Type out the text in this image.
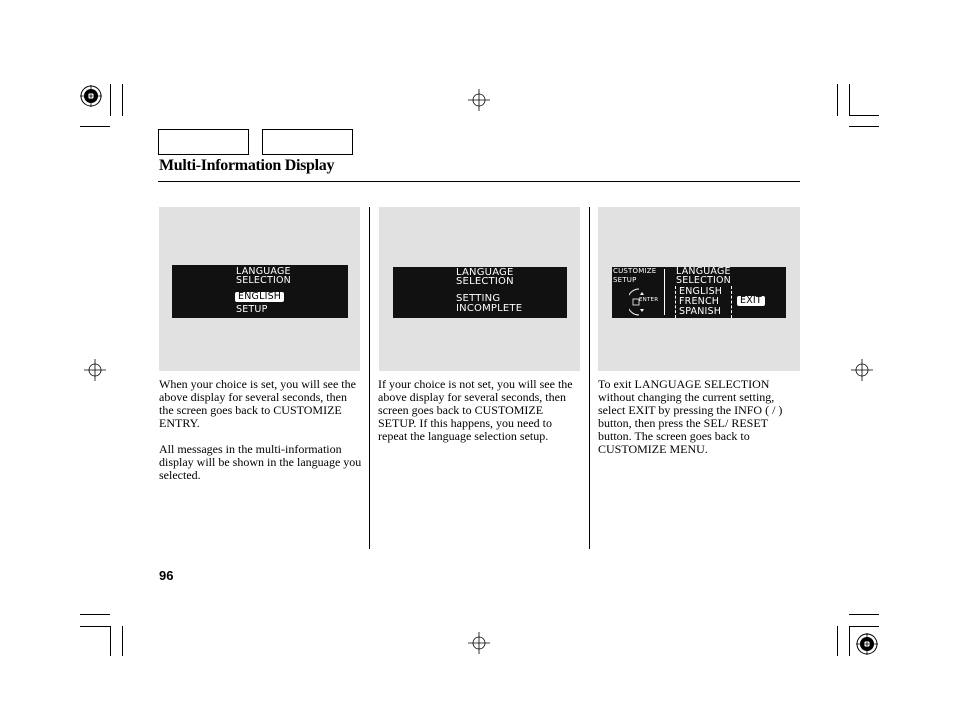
Multi-Information Display
LANGUAGE
SELECTION
ENGLISH
SETUP
LANGUAGE
SELECTION
SETTING
INCOMPLETE
CUSTOMIZE
SETUP
ENTER
LANGUAGE
SELECTION
ENGLISH
FRENCH
SPANISH
EXIT

When your choice is set, you will see the above display for several seconds, then the screen goes back to CUSTOMIZE ENTRY.

All messages in the multi-information display will be shown in the language you selected.

If your choice is not set, you will see the above display for several seconds, then screen goes back to CUSTOMIZE SETUP. If this happens, you need to repeat the language selection setup.

To exit LANGUAGE SELECTION without changing the current setting, select EXIT by pressing the INFO ( / ) button, then press the SEL/ RESET button. The screen goes back to CUSTOMIZE MENU.

96
